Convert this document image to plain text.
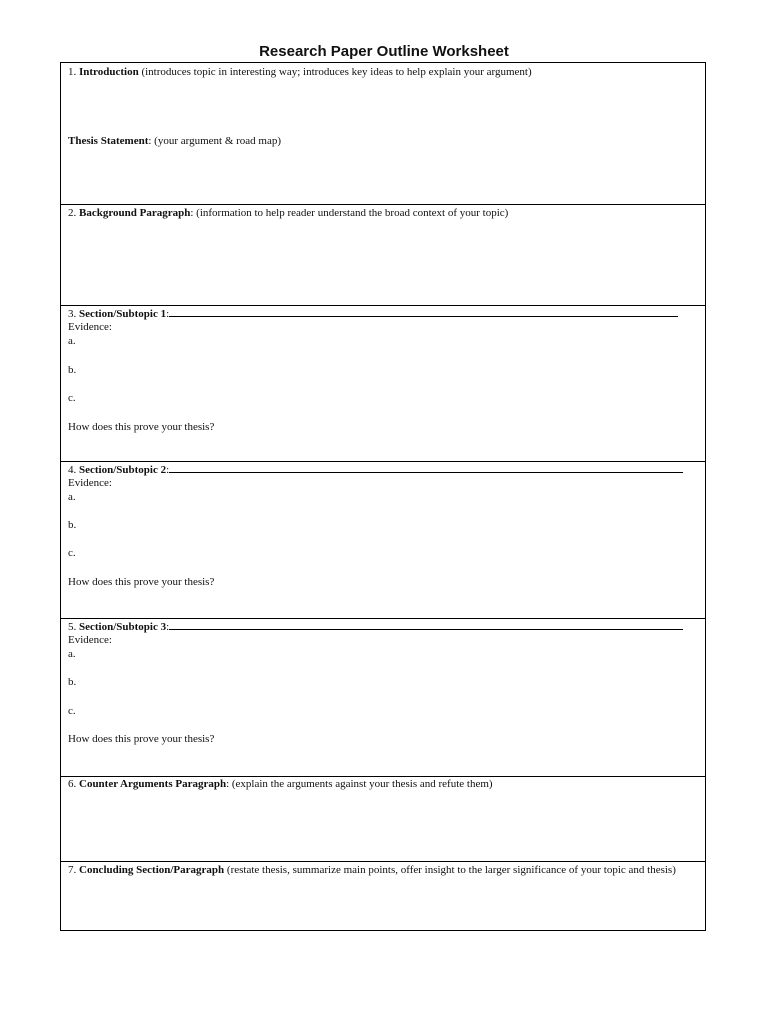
Research Paper Outline Worksheet
1. Introduction (introduces topic in interesting way; introduces key ideas to help explain your argument)
Thesis Statement: (your argument & road map)
2. Background Paragraph: (information to help reader understand the broad context of your topic)
3. Section/Subtopic 1:
Evidence:
a.
b.
c.
How does this prove your thesis?
4. Section/Subtopic 2:
Evidence:
a.
b.
c.
How does this prove your thesis?
5. Section/Subtopic 3:
Evidence:
a.
b.
c.
How does this prove your thesis?
6. Counter Arguments Paragraph: (explain the arguments against your thesis and refute them)
7. Concluding Section/Paragraph (restate thesis, summarize main points, offer insight to the larger significance of your topic and thesis)
